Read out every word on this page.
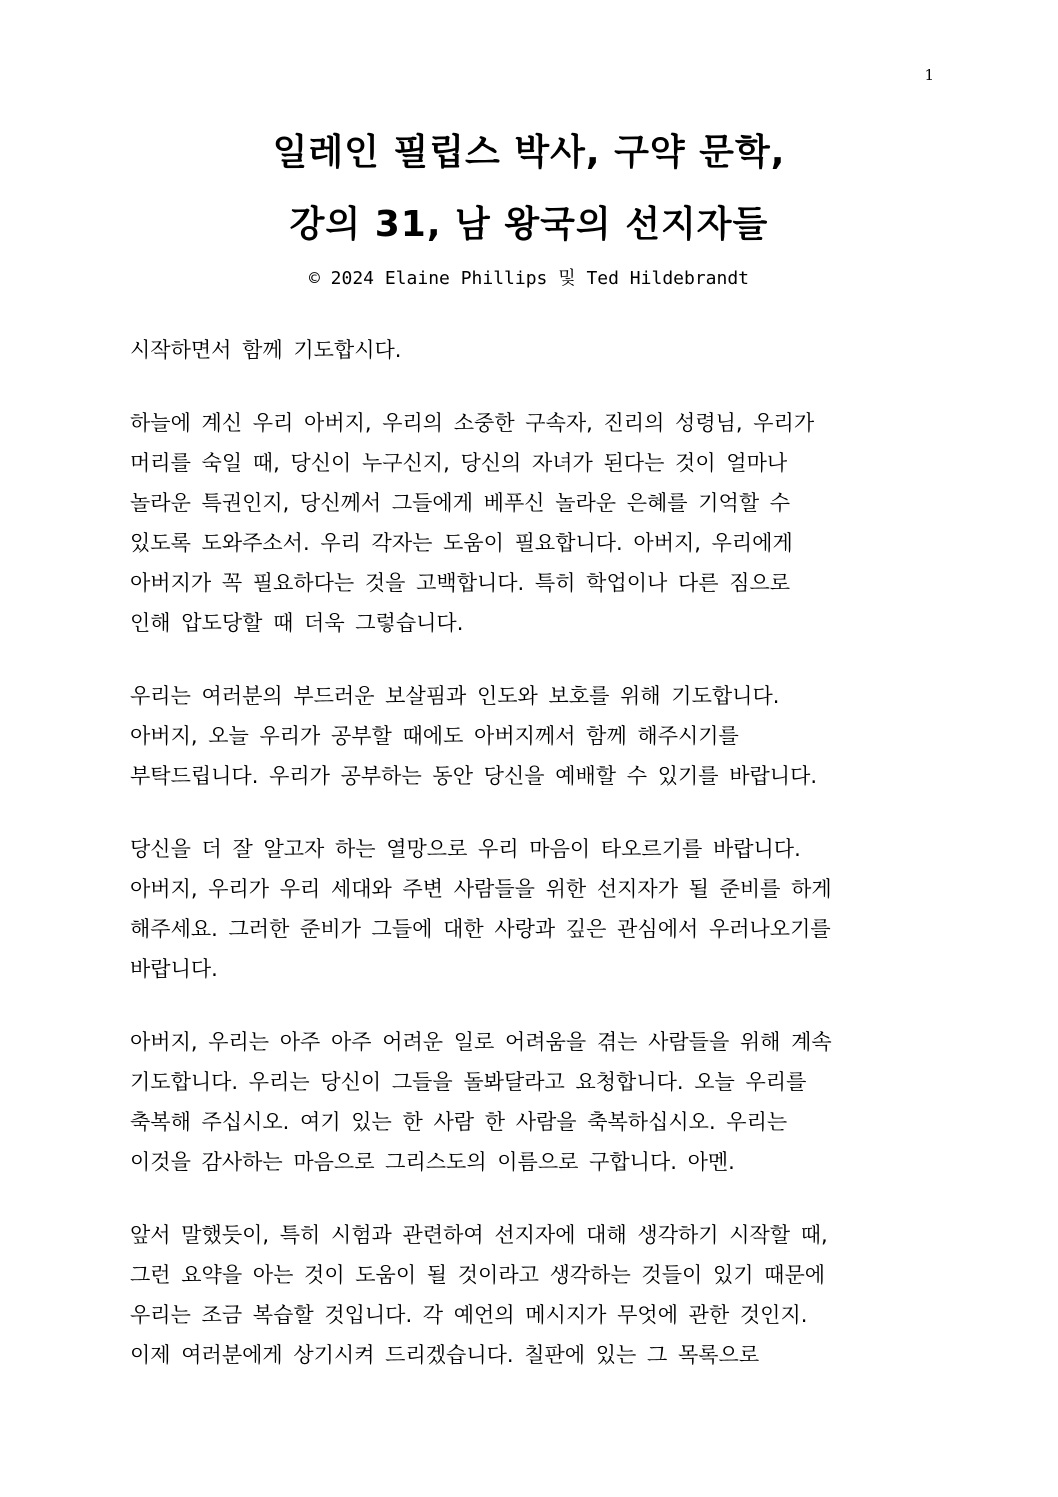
1
일레인 필립스 박사, 구약 문학,
강의 31, 남 왕국의 선지자들
© 2024 Elaine Phillips 및 Ted Hildebrandt
시작하면서 함께 기도합시다.
하늘에 계신 우리 아버지, 우리의 소중한 구속자, 진리의 성령님, 우리가
머리를 숙일 때, 당신이 누구신지, 당신의 자녀가 된다는 것이 얼마나
놀라운 특권인지, 당신께서 그들에게 베푸신 놀라운 은혜를 기억할 수
있도록 도와주소서. 우리 각자는 도움이 필요합니다. 아버지, 우리에게
아버지가 꼭 필요하다는 것을 고백합니다. 특히 학업이나 다른 짐으로
인해 압도당할 때 더욱 그렇습니다.
우리는 여러분의 부드러운 보살핌과 인도와 보호를 위해 기도합니다.
아버지, 오늘 우리가 공부할 때에도 아버지께서 함께 해주시기를
부탁드립니다. 우리가 공부하는 동안 당신을 예배할 수 있기를 바랍니다.
당신을 더 잘 알고자 하는 열망으로 우리 마음이 타오르기를 바랍니다.
아버지, 우리가 우리 세대와 주변 사람들을 위한 선지자가 될 준비를 하게
해주세요. 그러한 준비가 그들에 대한 사랑과 깊은 관심에서 우러나오기를
바랍니다.
아버지, 우리는 아주 아주 어려운 일로 어려움을 겪는 사람들을 위해 계속
기도합니다. 우리는 당신이 그들을 돌봐달라고 요청합니다. 오늘 우리를
축복해 주십시오. 여기 있는 한 사람 한 사람을 축복하십시오. 우리는
이것을 감사하는 마음으로 그리스도의 이름으로 구합니다. 아멘.
앞서 말했듯이, 특히 시험과 관련하여 선지자에 대해 생각하기 시작할 때,
그런 요약을 아는 것이 도움이 될 것이라고 생각하는 것들이 있기 때문에
우리는 조금 복습할 것입니다. 각 예언의 메시지가 무엇에 관한 것인지.
이제 여러분에게 상기시켜 드리겠습니다. 칠판에 있는 그 목록으로
